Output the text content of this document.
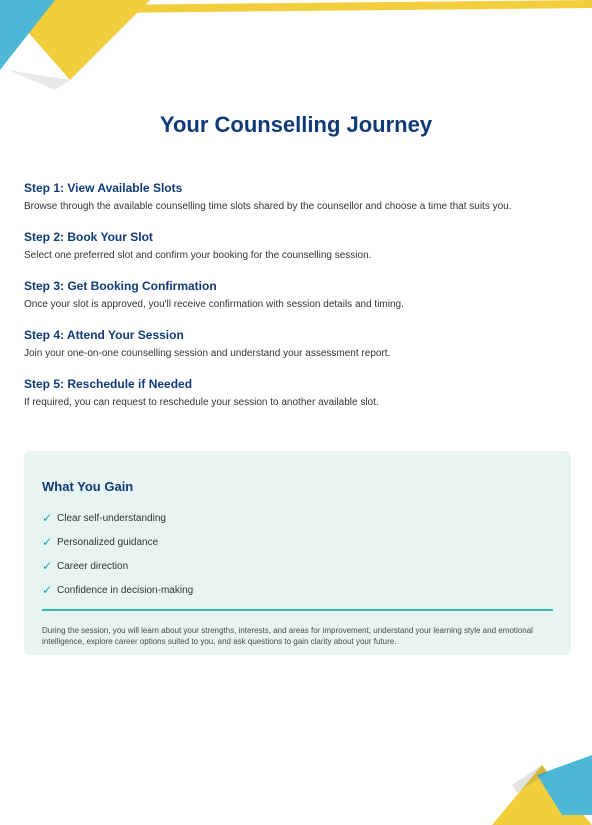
Your Counselling Journey
Step 1: View Available Slots

Browse through the available counselling time slots shared by the counsellor and choose a time that suits you.

Step 2: Book Your Slot

Select one preferred slot and confirm your booking for the counselling session.

Step 3: Get Booking Confirmation

Once your slot is approved, you'll receive confirmation with session details and timing.

Step 4: Attend Your Session

Join your one-on-one counselling session and understand your assessment report.

Step 5: Reschedule if Needed

If required, you can request to reschedule your session to another available slot.

What You Gain
✓ Clear self-understanding
✓ Personalized guidance
✓ Career direction
✓ Confidence in decision-making

During the session, you will learn about your strengths, interests, and areas for improvement, understand your learning style and emotional intelligence, explore career options suited to you, and ask questions to gain clarity about your future.
